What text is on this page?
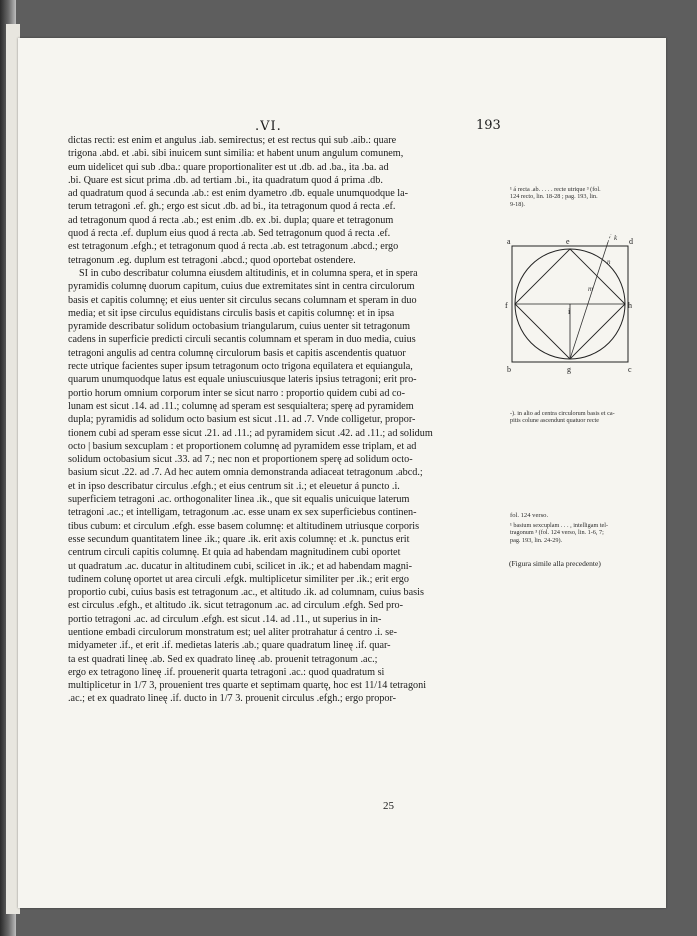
.VI.	193
dictas recti: est enim et angulus .iab. semirectus; et est rectus qui sub .aib.: quare
trigona .abd. et .abi. sibi inuicem sunt similia: et habent unum angulum comunem,
eum uidelicet qui sub .dba.: quare proportionaliter est ut .db. ad .ba., ita .ba. ad
.bi. Quare est sicut prima .db. ad tertiam .bi., ita quadratum quod á prima .db.
ad quadratum quod á secunda .ab.: est enim dyametro .db. equale unumquodque la-
terum tetragoni .ef. gh.; ergo est sicut .db. ad bi., ita tetragonum quod á recta .ef.
ad tetragonum quod á recta .ab.; est enim .db. ex .bi. dupla; quare et tetragonum
quod á recta .ef. duplum eius quod á recta .ab. Sed tetragonum quod á recta .ef.
est tetragonum .efgh.; et tetragonum quod á recta .ab. est tetragonum .abcd.; ergo
tetragonum .eg. duplum est tetragoni .abcd.; quod oportebat ostendere.
SI in cubo describatur columna eiusdem altitudinis, et in columna spera, et in spera
pyramidis columnę duorum capitum, cuius due extremitates sint in centra circulorum
basis et capitis columnę; et eius uenter sit circulus secans columnam et speram in duo
media; et sit ipse circulus equidistans circulis basis et capitis columnę: et in ipsa
pyramide describatur solidum octobasium triangularum, cuius uenter sit tetragonum
cadens in superficie predicti circuli secantis columnam et speram in duo media, cuius
tetragoni angulis ad centra columnę circulorum basis et capitis ascendentis quatuor
recte utrique facientes super ipsum tetragonum octo trigona equilatera et equiangula,
quarum unumquodque latus est equale uniuscuiusque lateris ipsius tetragoni; erit pro-
portio horum omnium corporum inter se sicut narro : proportio quidem cubi ad co-
lunam est sicut .14. ad .11.; columnę ad speram est sesquialtera; sperę ad pyramidem
dupla; pyramidis ad solidum octo basium est sicut .11. ad .7. Vnde colligetur, propor-
tionem cubi ad speram esse sicut .21. ad .11.; ad pyramidem sicut .42. ad .11.; ad solidum
octo | basium sexcuplam : et proportionem columnę ad pyramidem esse triplam, et ad
solidum octobasium sicut .33. ad 7.; nec non et proportionem sperę ad solidum octo-
basium sicut .22. ad .7. Ad hec autem omnia demonstranda adiaceat tetragonum .abcd.;
et in ipso describatur circulus .efgh.; et eius centrum sit .i.; et eleuetur á puncto .i.
superficiem tetragoni .ac. orthogonaliter linea .ik., que sit equalis unicuique laterum
tetragoni .ac.; et intelligam, tetragonum .ac. esse unam ex sex superficiebus continen-
tibus cubum: et circulum .efgh. esse basem columnę: et altitudinem utriusque corporis
esse secundum quantitatem linee .ik.; quare .ik. erit axis columnę: et .k. punctus erit
centrum circuli capitis columnę. Et quia ad habendam magnitudinem cubi oportet
ut quadratum .ac. ducatur in altitudinem cubi, scilicet in .ik.; et ad habendam magni-
tudinem colunę oportet ut area circuli .efgk. multiplicetur similiter per .ik.; erit ergo
proportio cubi, cuius basis est tetragonum .ac., et altitudo .ik. ad columnam, cuius basis
est circulus .efgh., et altitudo .ik. sicut tetragonum .ac. ad circulum .efgh. Sed pro-
portio tetragoni .ac. ad circulum .efgh. est sicut .14. ad .11., ut superius in in-
uentione embadi circulorum monstratum est; uel aliter protrahatur á centro .i. se-
midyameter .if., et erit .if. medietas lateris .ab.; quare quadratum lineę .if. quar-
ta est quadrati lineę .ab. Sed ex quadrato lineę .ab. prouenit tetragonum .ac.;
ergo ex tetragono lineę .if. prouenerit quarta tetragoni .ac.: quod quadratum si
multiplicetur in 1/7 3, prouenient tres quarte et septimam quartę, hoc est 11/14 tetragoni
.ac.; et ex quadrato lineę .if. ducto in 1/7 3. prouenit circulus .efgh.; ergo propor-
25
¹ á recta .ab. . . . . recte utrique ³ (fol.
124 recto, lin. 18-28 ; pag. 193, lin.
9-18).
a	e	d
f	h
i
m
n
k
b	g	c
-). in alio ad centra circulorum basis et ca-
pitis colune ascendunt quatuor recte
fol. 124 verso.
¹ basium sexcuplam . . . , intelligam tel-
tragonum ³ (fol. 124 verso, lin. 1-6, 7;
pag. 193, lin. 24-29).
(Figura simile alla precedente)
